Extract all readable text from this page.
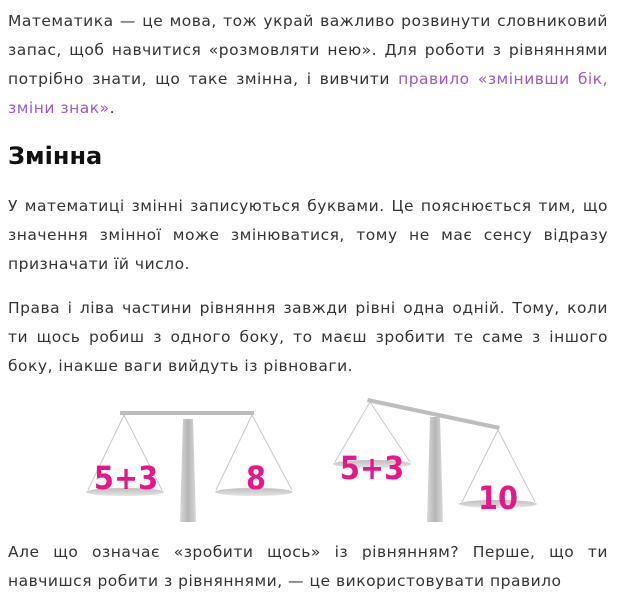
Математика — це мова, тож украй важливо розвинути словниковий запас, щоб навчитися «розмовляти нею». Для роботи з рівняннями потрібно знати, що таке змінна, і вивчити правило «змінивши бік, зміни знак».

Змінна

У математиці змінні записуються буквами. Це пояснюється тим, що значення змінної може змінюватися, тому не має сенсу відразу призначати їй число.

Права і ліва частини рівняння завжди рівні одна одній. Тому, коли ти щось робиш з одного боку, то маєш зробити те саме з іншого боку, інакше ваги вийдуть із рівноваги.

5+3	8 5+3
10

Але що означає «зробити щось» із рівнянням? Перше, що ти навчишся робити з рівняннями, — це використовувати правило
